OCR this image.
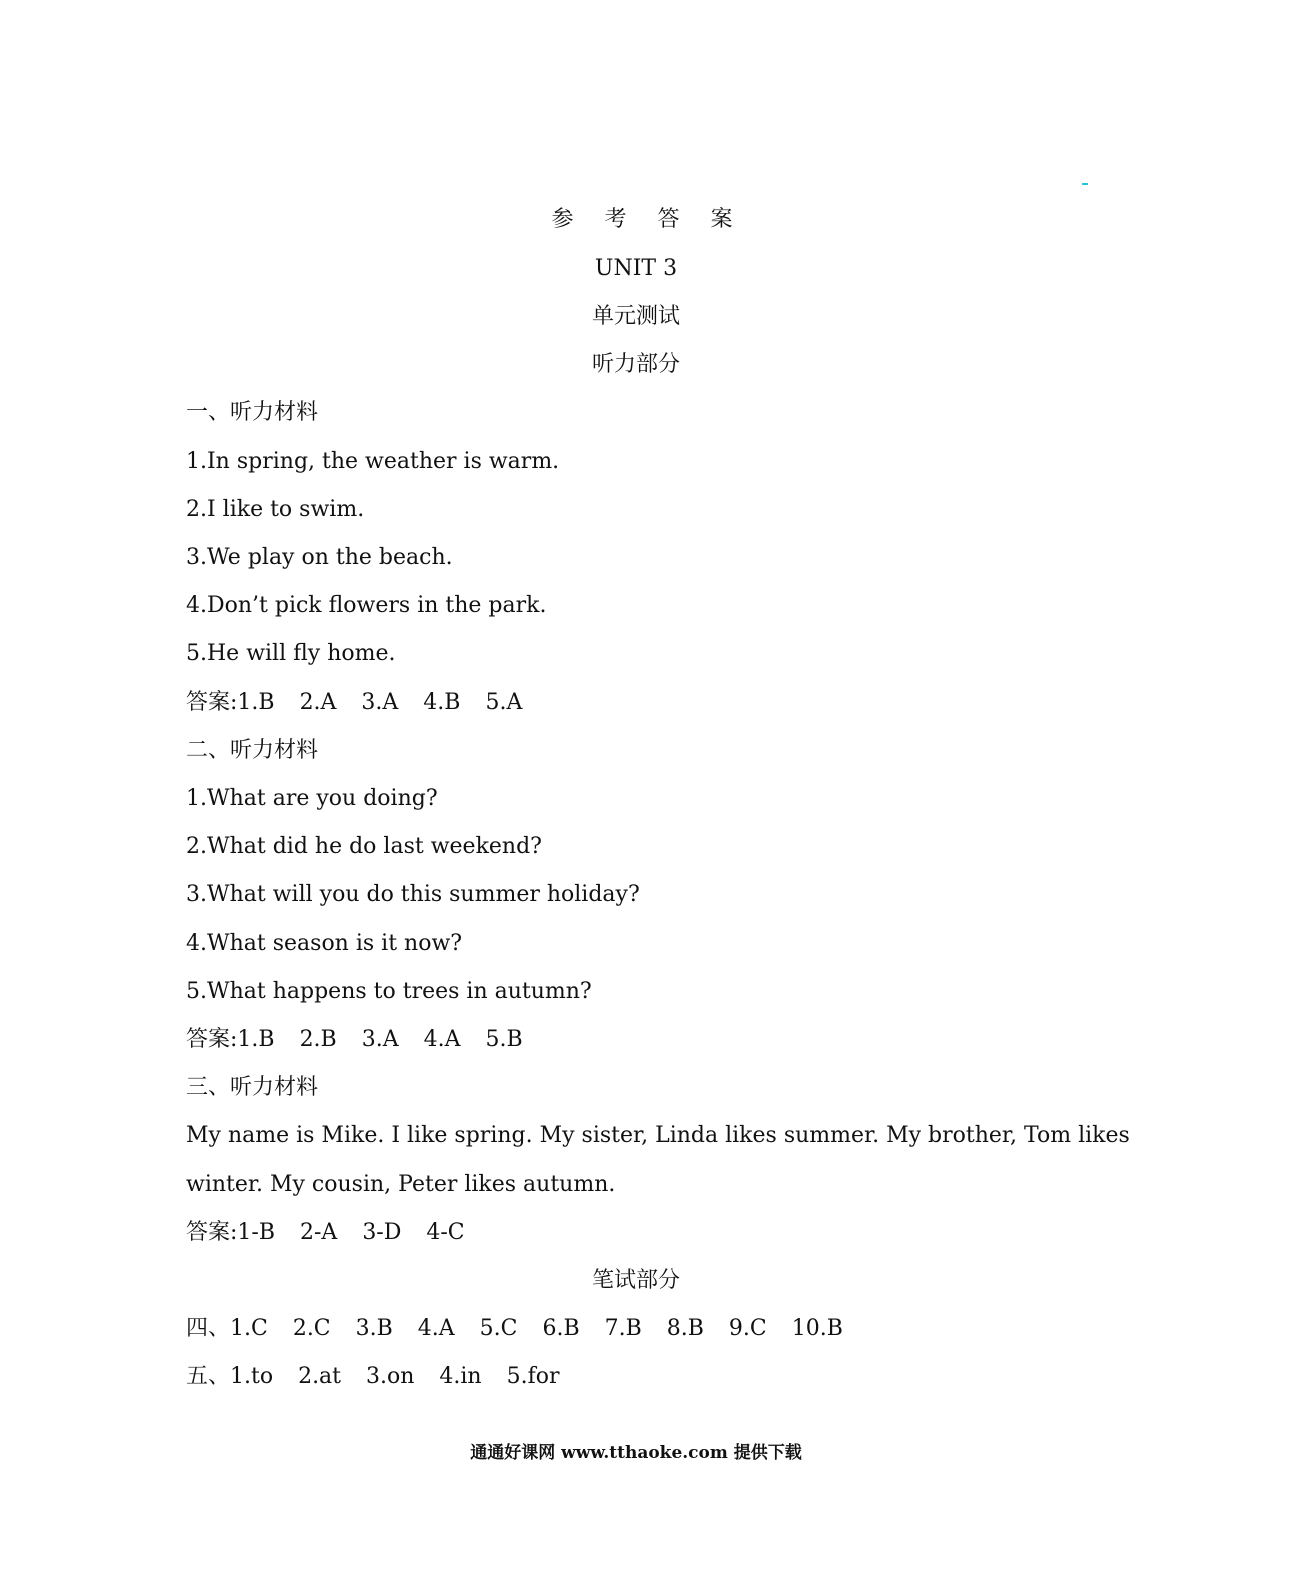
参 考 答 案
UNIT 3
单元测试
听力部分
一、听力材料
1.In spring, the weather is warm.
2.I like to swim.
3.We play on the beach.
4.Don’t pick flowers in the park.
5.He will fly home.
答案:1.B 2.A 3.A 4.B 5.A
二、听力材料
1.What are you doing?
2.What did he do last weekend?
3.What will you do this summer holiday?
4.What season is it now?
5.What happens to trees in autumn?
答案:1.B 2.B 3.A 4.A 5.B
三、听力材料
My name is Mike. I like spring. My sister, Linda likes summer. My brother, Tom likes
winter. My cousin, Peter likes autumn.
答案:1-B 2-A 3-D 4-C
笔试部分
四、1.C 2.C 3.B 4.A 5.C 6.B 7.B 8.B 9.C 10.B
五、1.to 2.at 3.on 4.in 5.for
通通好课网 www.tthaoke.com 提供下载
